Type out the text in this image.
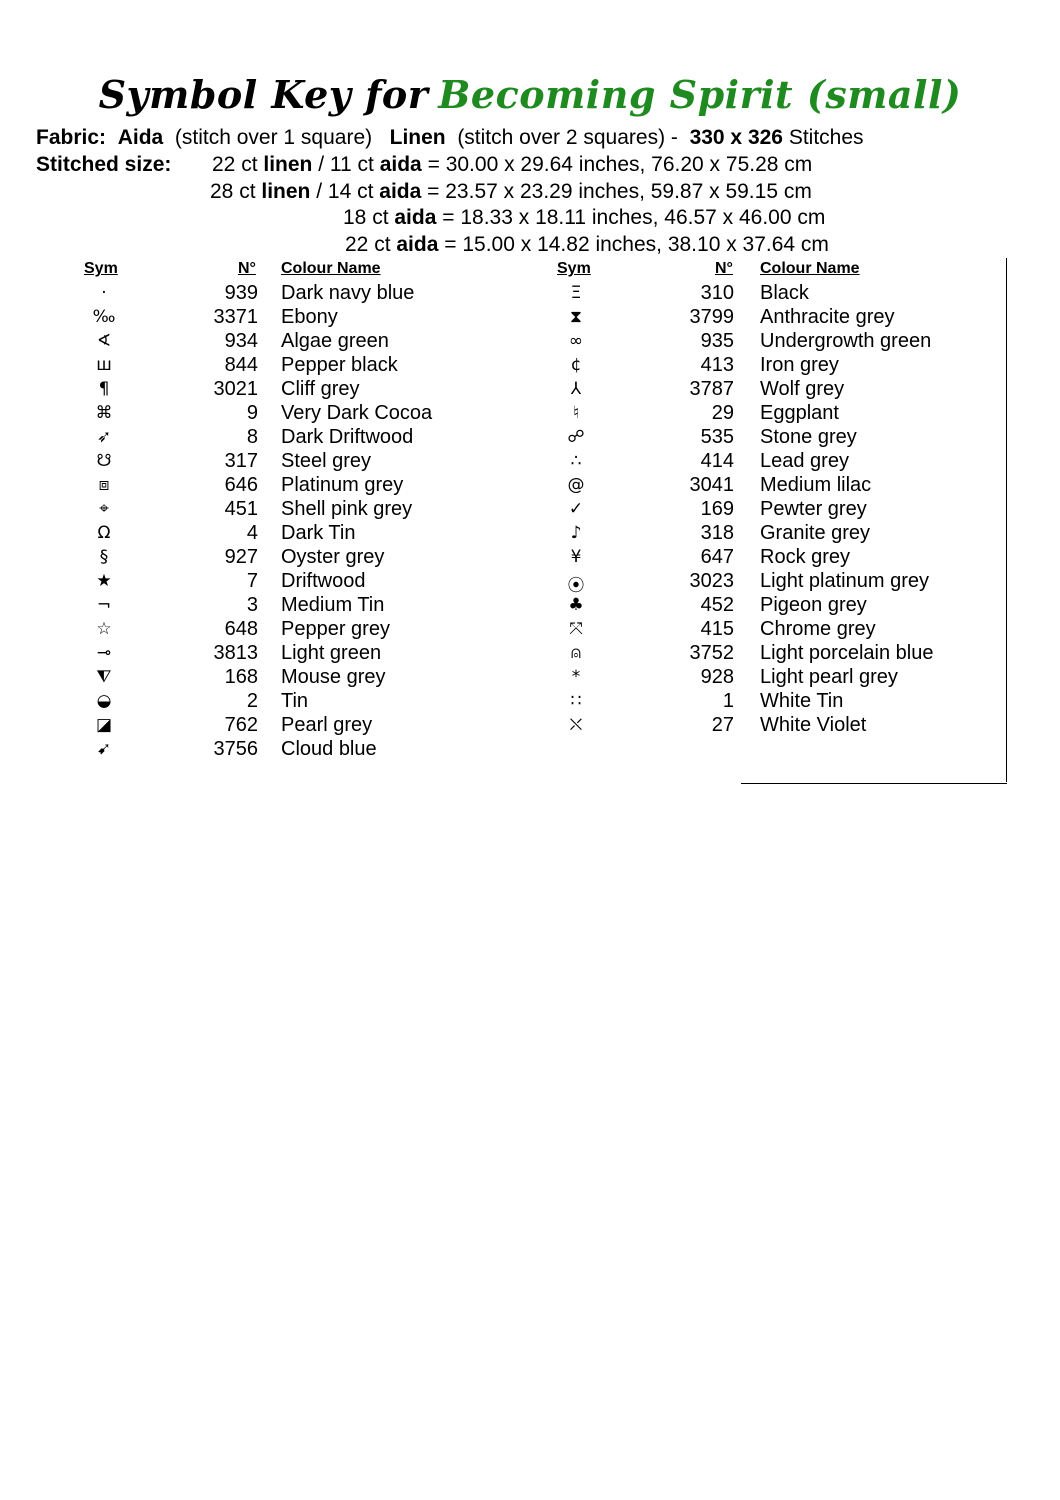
Symbol Key for Becoming Spirit (small)
Fabric: Aida (stitch over 1 square) Linen (stitch over 2 squares) - 330 x 326 Stitches
Stitched size: 22 ct linen / 11 ct aida = 30.00 x 29.64 inches, 76.20 x 75.28 cm
28 ct linen / 14 ct aida = 23.57 x 23.29 inches, 59.87 x 59.15 cm
18 ct aida = 18.33 x 18.11 inches, 46.57 x 46.00 cm
22 ct aida = 15.00 x 14.82 inches, 38.10 x 37.64 cm
Sym	N° Colour Name	Sym	N° Colour Name
·	939 Dark navy blue
‰	3371 Ebony
∢	934 Algae green
ш	844 Pepper black
¶	3021 Cliff grey
⌘	9 Very Dark Cocoa
➶	8 Dark Driftwood
☋	317 Steel grey
⧈	646 Platinum grey
⌖	451 Shell pink grey
Ω	4 Dark Tin
§	927 Oyster grey
★	7 Driftwood
¬	3 Medium Tin
☆	648 Pepper grey
⊸	3813 Light green
⧨	168 Mouse grey
◒	2 Tin
◪	762 Pearl grey
➹	3756 Cloud blue
Ξ	310 Black
⧗	3799 Anthracite grey
∞	935 Undergrowth green
¢	413 Iron grey
⅄	3787 Wolf grey
♮	29 Eggplant
☍	535 Stone grey
∴	414 Lead grey
@	3041 Medium lilac
✓	169 Pewter grey
♪	318 Granite grey
¥	647 Rock grey
⦿	3023 Light platinum grey
♣	452 Pigeon grey
⤧	415 Chrome grey
⍝	3752 Light porcelain blue
*	928 Light pearl grey
∷	1 White Tin
⛌	27 White Violet
